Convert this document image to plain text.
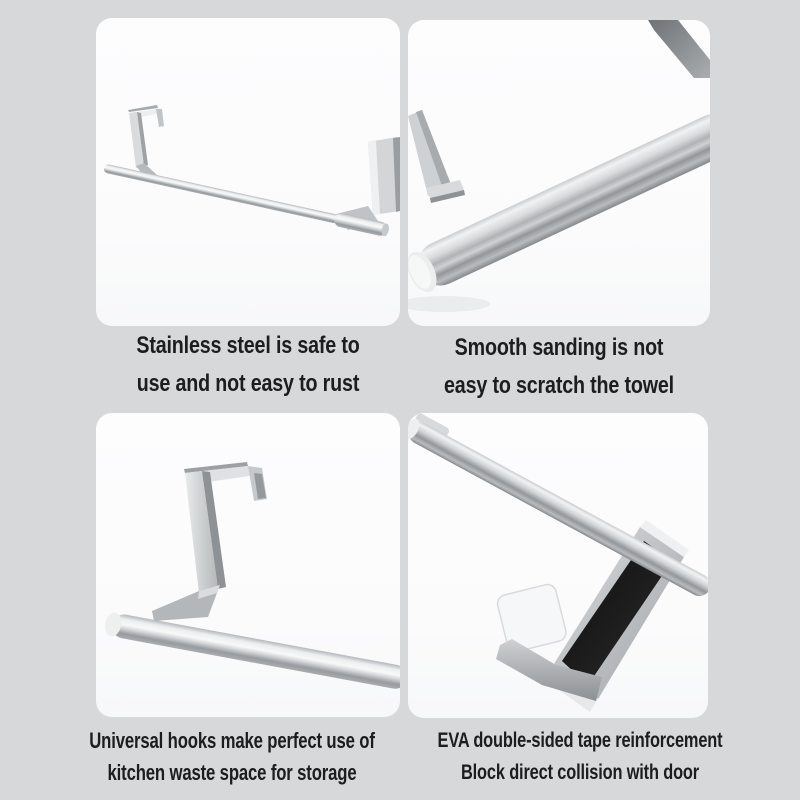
Stainless steel is safe to
use and not easy to rust
Smooth sanding is not
easy to scratch the towel
Universal hooks make perfect use of
kitchen waste space for storage
EVA double-sided tape reinforcement
Block direct collision with door
